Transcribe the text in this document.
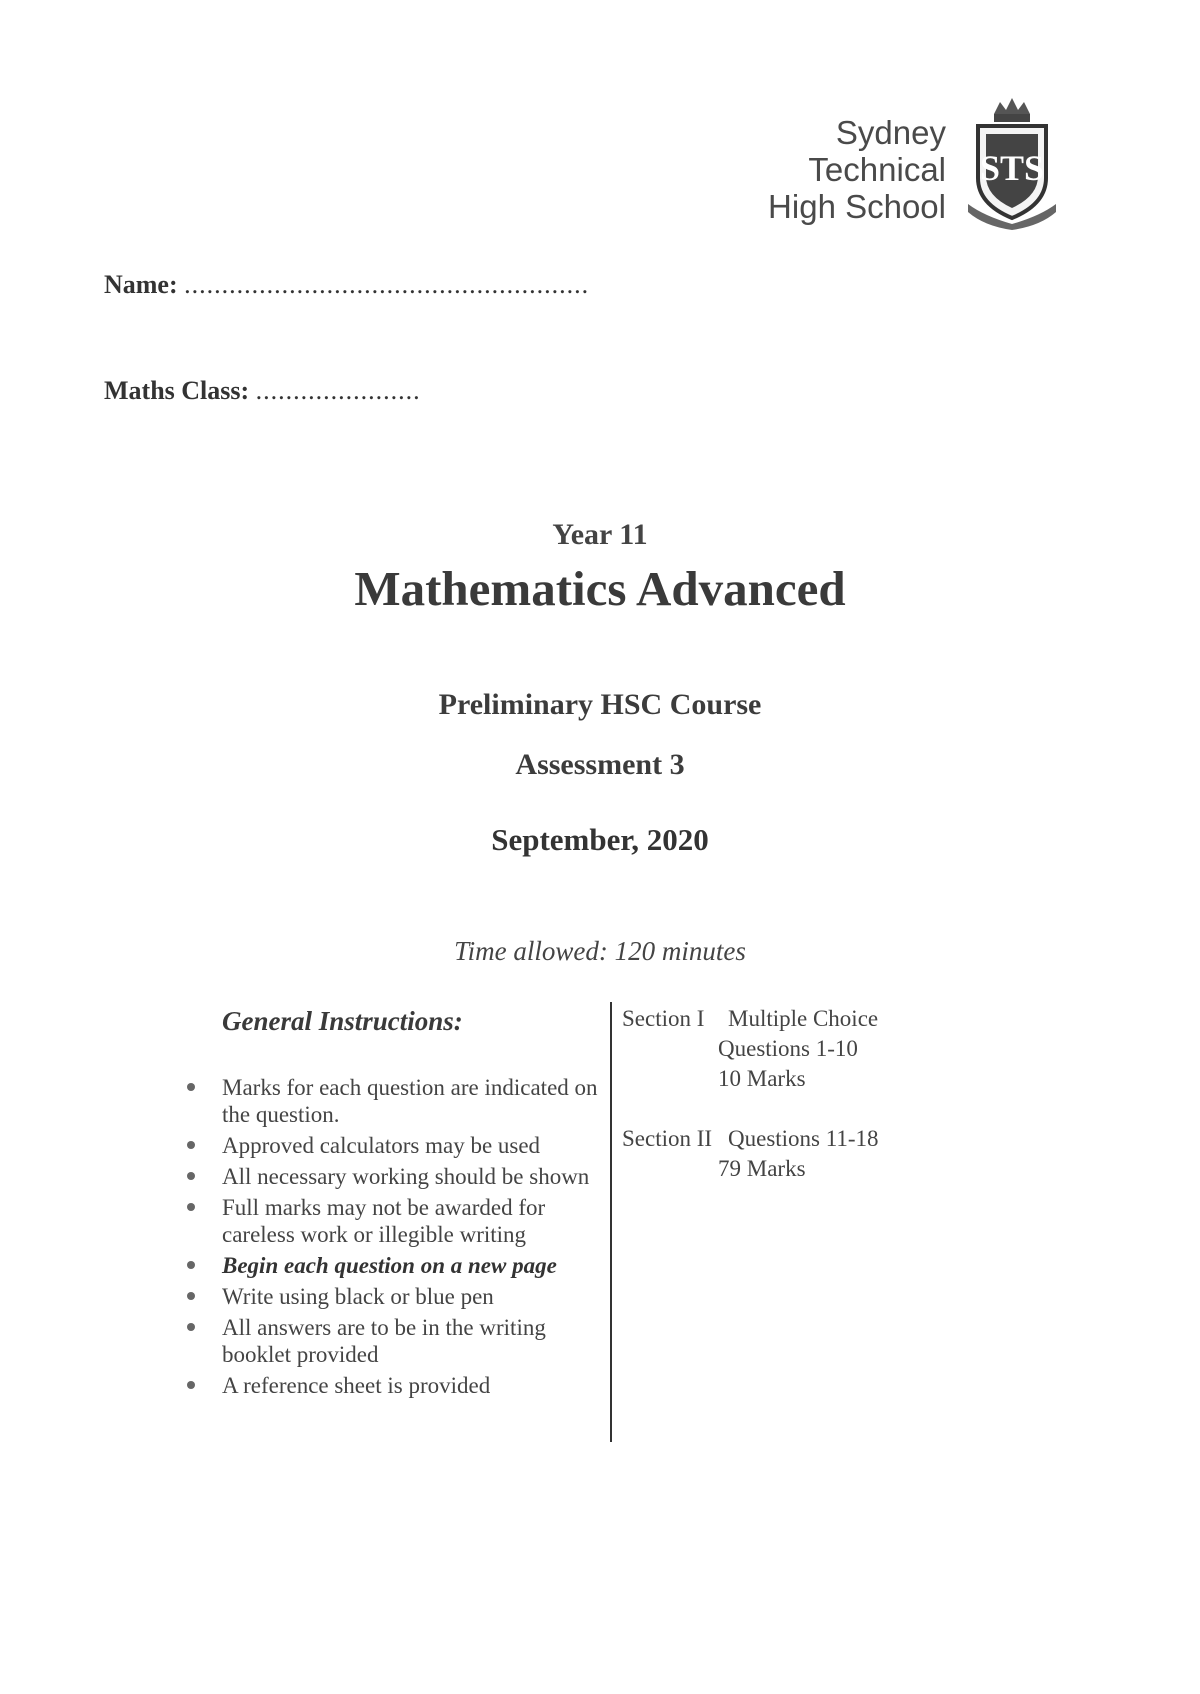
Sydney
Technical
High School
STS
Name: ......................................................
Maths Class: ......................
Year 11
Mathematics Advanced
Preliminary HSC Course
Assessment 3
September, 2020
Time allowed: 120 minutes
General Instructions:
Marks for each question are indicated on the question.
Approved calculators may be used
All necessary working should be shown
Full marks may not be awarded for careless work or illegible writing
Begin each question on a new page
Write using black or blue pen
All answers are to be in the writing booklet provided
A reference sheet is provided
Section I Multiple Choice
Questions 1-10
10 Marks
Section II Questions 11-18
79 Marks
